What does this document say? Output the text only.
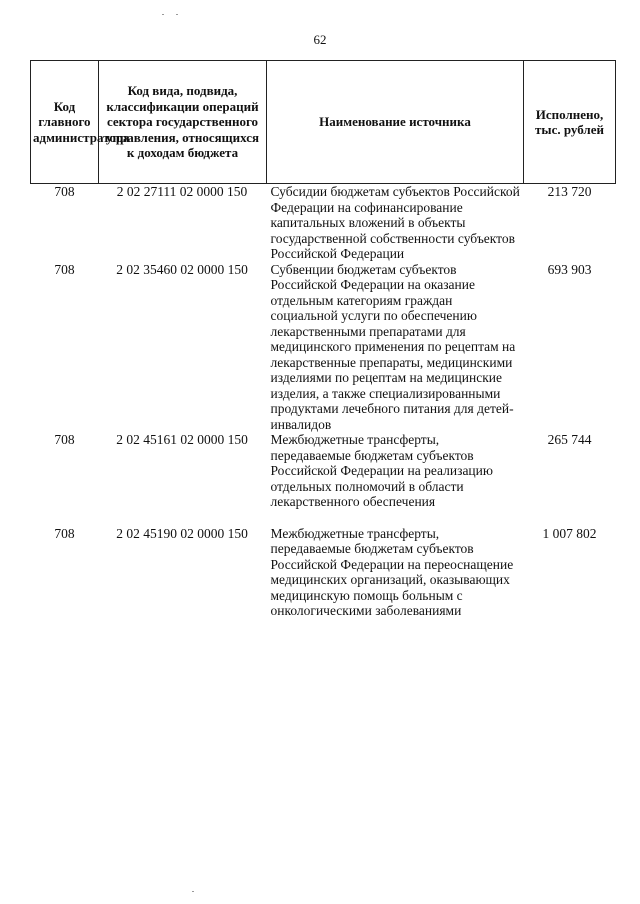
62
Код главного администратора	Код вида, подвида, классификации операций сектора государственного управления, относящихся к доходам бюджета	Наименование источника	Исполнено, тыс. рублей
708	2 02 27111 02 0000 150	Субсидии бюджетам субъектов Российской Федерации на софинансирование капитальных вложений в объекты государственной собственности субъектов Российской Федерации	213 720
708	2 02 35460 02 0000 150	Субвенции бюджетам субъектов Российской Федерации на оказание отдельным категориям граждан социальной услуги по обеспечению лекарственными препаратами для медицинского применения по рецептам на лекарственные препараты, медицинскими изделиями по рецептам на медицинские изделия, а также специализированными продуктами лечебного питания для детей-инвалидов	693 903
708	2 02 45161 02 0000 150	Межбюджетные трансферты, передаваемые бюджетам субъектов Российской Федерации на реализацию отдельных полномочий в области лекарственного обеспечения	265 744
708	2 02 45190 02 0000 150	Межбюджетные трансферты, передаваемые бюджетам субъектов Российской Федерации на переоснащение медицинских организаций, оказывающих медицинскую помощь больным с онкологическими заболеваниями	1 007 802
